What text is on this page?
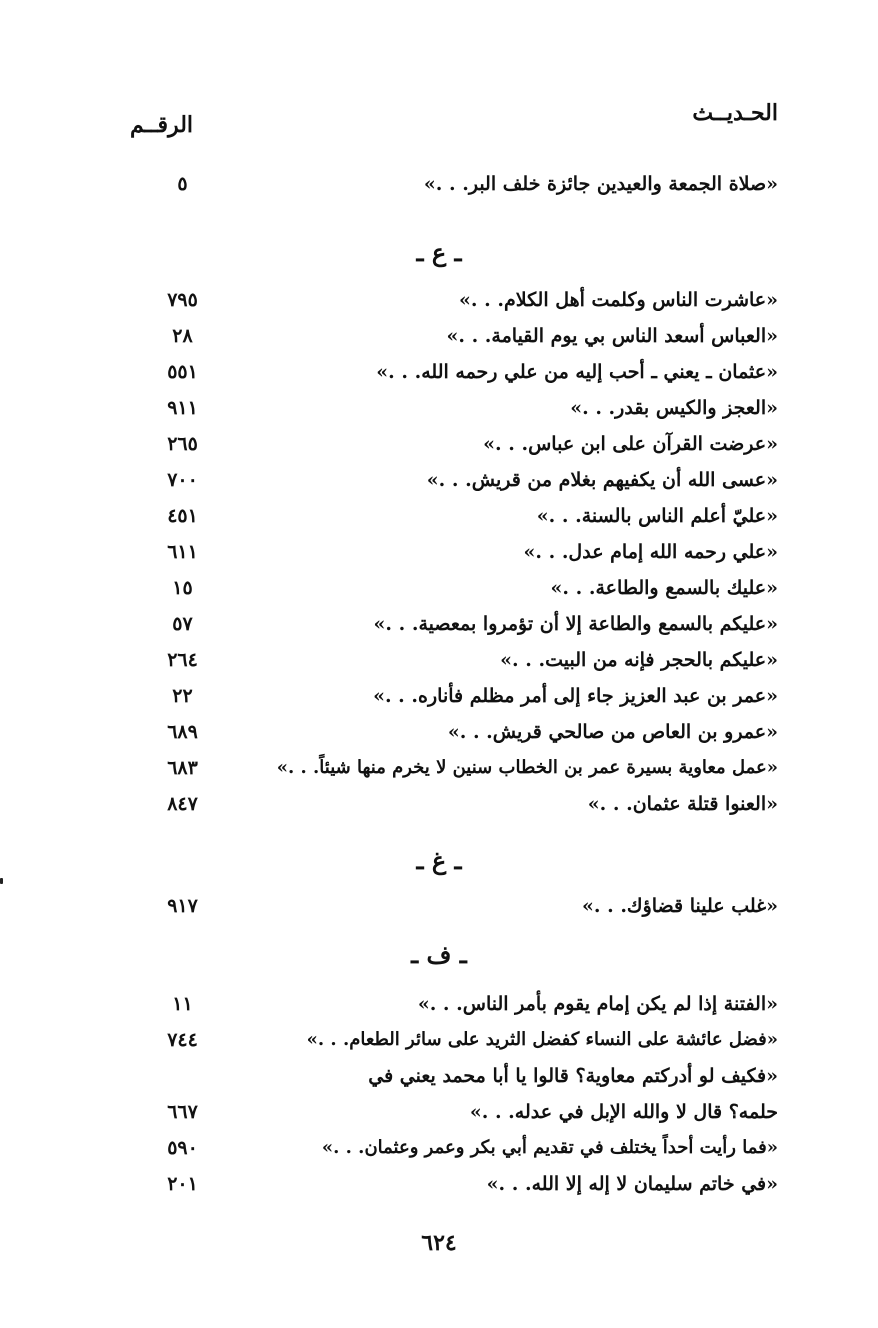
الحـديــث
الرقــم
«صلاة الجمعة والعيدين جائزة خلف البر. . .»
٥
ـ ع ـ
«عاشرت الناس وكلمت أهل الكلام. . .»
٧٩٥
«العباس أسعد الناس بي يوم القيامة. . .»
٢٨
«عثمان ـ يعني ـ أحب إليه من علي رحمه الله. . .»
٥٥١
«العجز والكيس بقدر. . .»
٩١١
«عرضت القرآن على ابن عباس. . .»
٢٦٥
«عسى الله أن يكفيهم بغلام من قريش. . .»
٧٠٠
«عليّ أعلم الناس بالسنة. . .»
٤٥١
«علي رحمه الله إمام عدل. . .»
٦١١
«عليك بالسمع والطاعة. . .»
١٥
«عليكم بالسمع والطاعة إلا أن تؤمروا بمعصية. . .»
٥٧
«عليكم بالحجر فإنه من البيت. . .»
٢٦٤
«عمر بن عبد العزيز جاء إلى أمر مظلم فأناره. . .»
٢٢
«عمرو بن العاص من صالحي قريش. . .»
٦٨٩
«عمل معاوية بسيرة عمر بن الخطاب سنين لا يخرم منها شيئاً. . .»
٦٨٣
«العنوا قتلة عثمان. . .»
٨٤٧
ـ غ ـ
«غلب علينا قضاؤك. . .»
٩١٧
ـ ف ـ
«الفتنة إذا لم يكن إمام يقوم بأمر الناس. . .»
١١
«فضل عائشة على النساء كفضل الثريد على سائر الطعام. . .»
٧٤٤
«فكيف لو أدركتم معاوية؟ قالوا يا أبا محمد يعني في
حلمه؟ قال لا والله الإبل في عدله. . .»
٦٦٧
«فما رأيت أحداً يختلف في تقديم أبي بكر وعمر وعثمان. . .»
٥٩٠
«في خاتم سليمان لا إله إلا الله. . .»
٢٠١
٦٢٤
